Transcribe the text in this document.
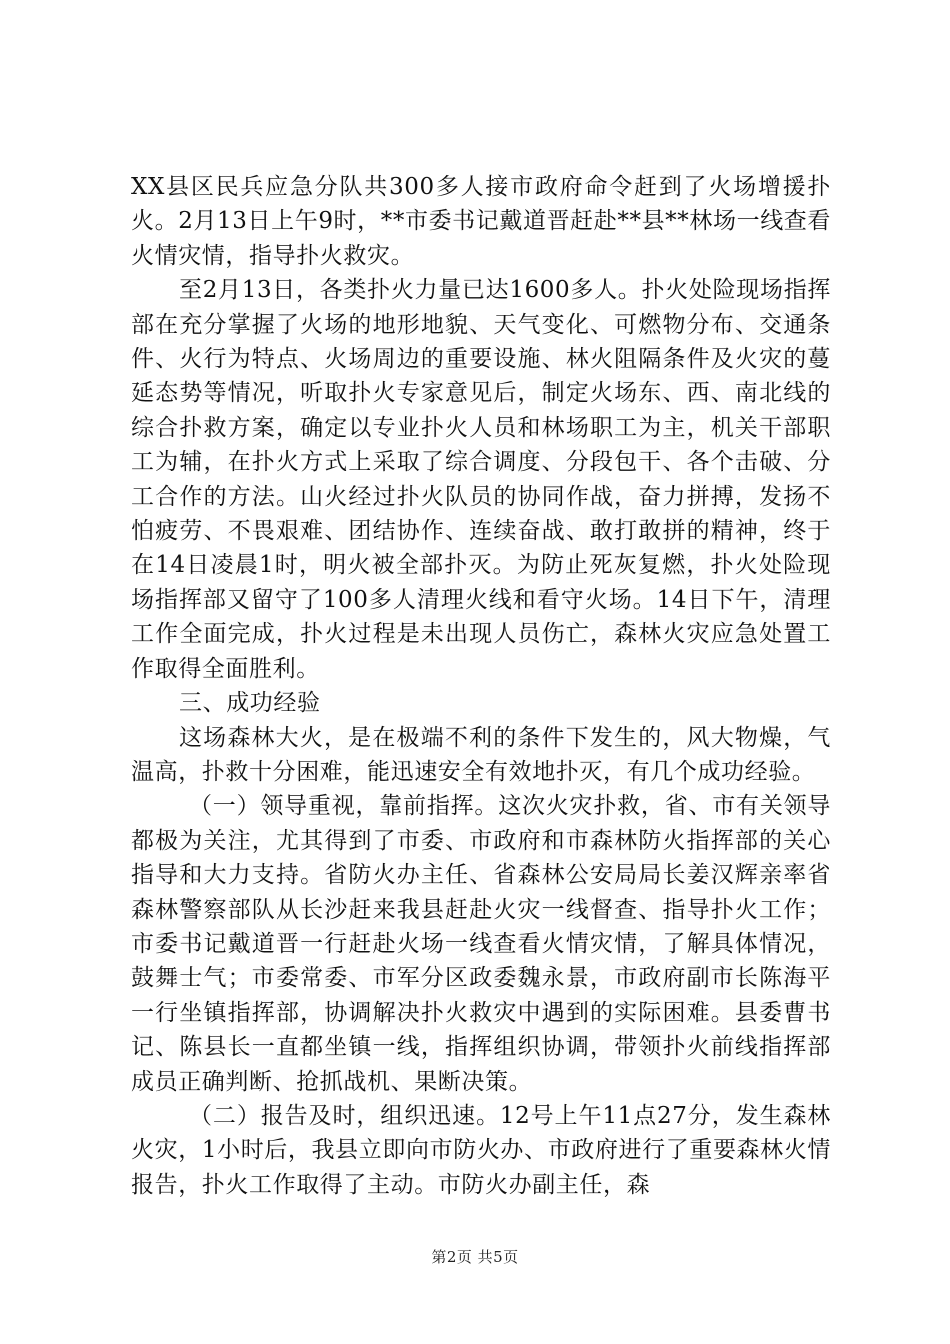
XX县区民兵应急分队共300多人接市政府命令赶到了火场增援扑火。2月13日上午9时，**市委书记戴道晋赶赴**县**林场一线查看火情灾情，指导扑火救灾。

至2月13日，各类扑火力量已达1600多人。扑火处险现场指挥部在充分掌握了火场的地形地貌、天气变化、可燃物分布、交通条件、火行为特点、火场周边的重要设施、林火阻隔条件及火灾的蔓延态势等情况，听取扑火专家意见后，制定火场东、西、南北线的综合扑救方案，确定以专业扑火人员和林场职工为主，机关干部职工为辅，在扑火方式上采取了综合调度、分段包干、各个击破、分工合作的方法。山火经过扑火队员的协同作战，奋力拼搏，发扬不怕疲劳、不畏艰难、团结协作、连续奋战、敢打敢拼的精神，终于在14日凌晨1时，明火被全部扑灭。为防止死灰复燃，扑火处险现场指挥部又留守了100多人清理火线和看守火场。14日下午，清理工作全面完成，扑火过程是未出现人员伤亡，森林火灾应急处置工作取得全面胜利。

三、成功经验

这场森林大火，是在极端不利的条件下发生的，风大物燥，气温高，扑救十分困难，能迅速安全有效地扑灭，有几个成功经验。

（一）领导重视，靠前指挥。这次火灾扑救，省、市有关领导都极为关注，尤其得到了市委、市政府和市森林防火指挥部的关心指导和大力支持。省防火办主任、省森林公安局局长姜汉辉亲率省森林警察部队从长沙赶来我县赶赴火灾一线督查、指导扑火工作；市委书记戴道晋一行赶赴火场一线查看火情灾情，了解具体情况，鼓舞士气；市委常委、市军分区政委魏永景，市政府副市长陈海平一行坐镇指挥部，协调解决扑火救灾中遇到的实际困难。县委曹书记、陈县长一直都坐镇一线，指挥组织协调，带领扑火前线指挥部成员正确判断、抢抓战机、果断决策。

（二）报告及时，组织迅速。12号上午11点27分，发生森林火灾，1小时后，我县立即向市防火办、市政府进行了重要森林火情报告，扑火工作取得了主动。市防火办副主任，森

第2页 共5页
